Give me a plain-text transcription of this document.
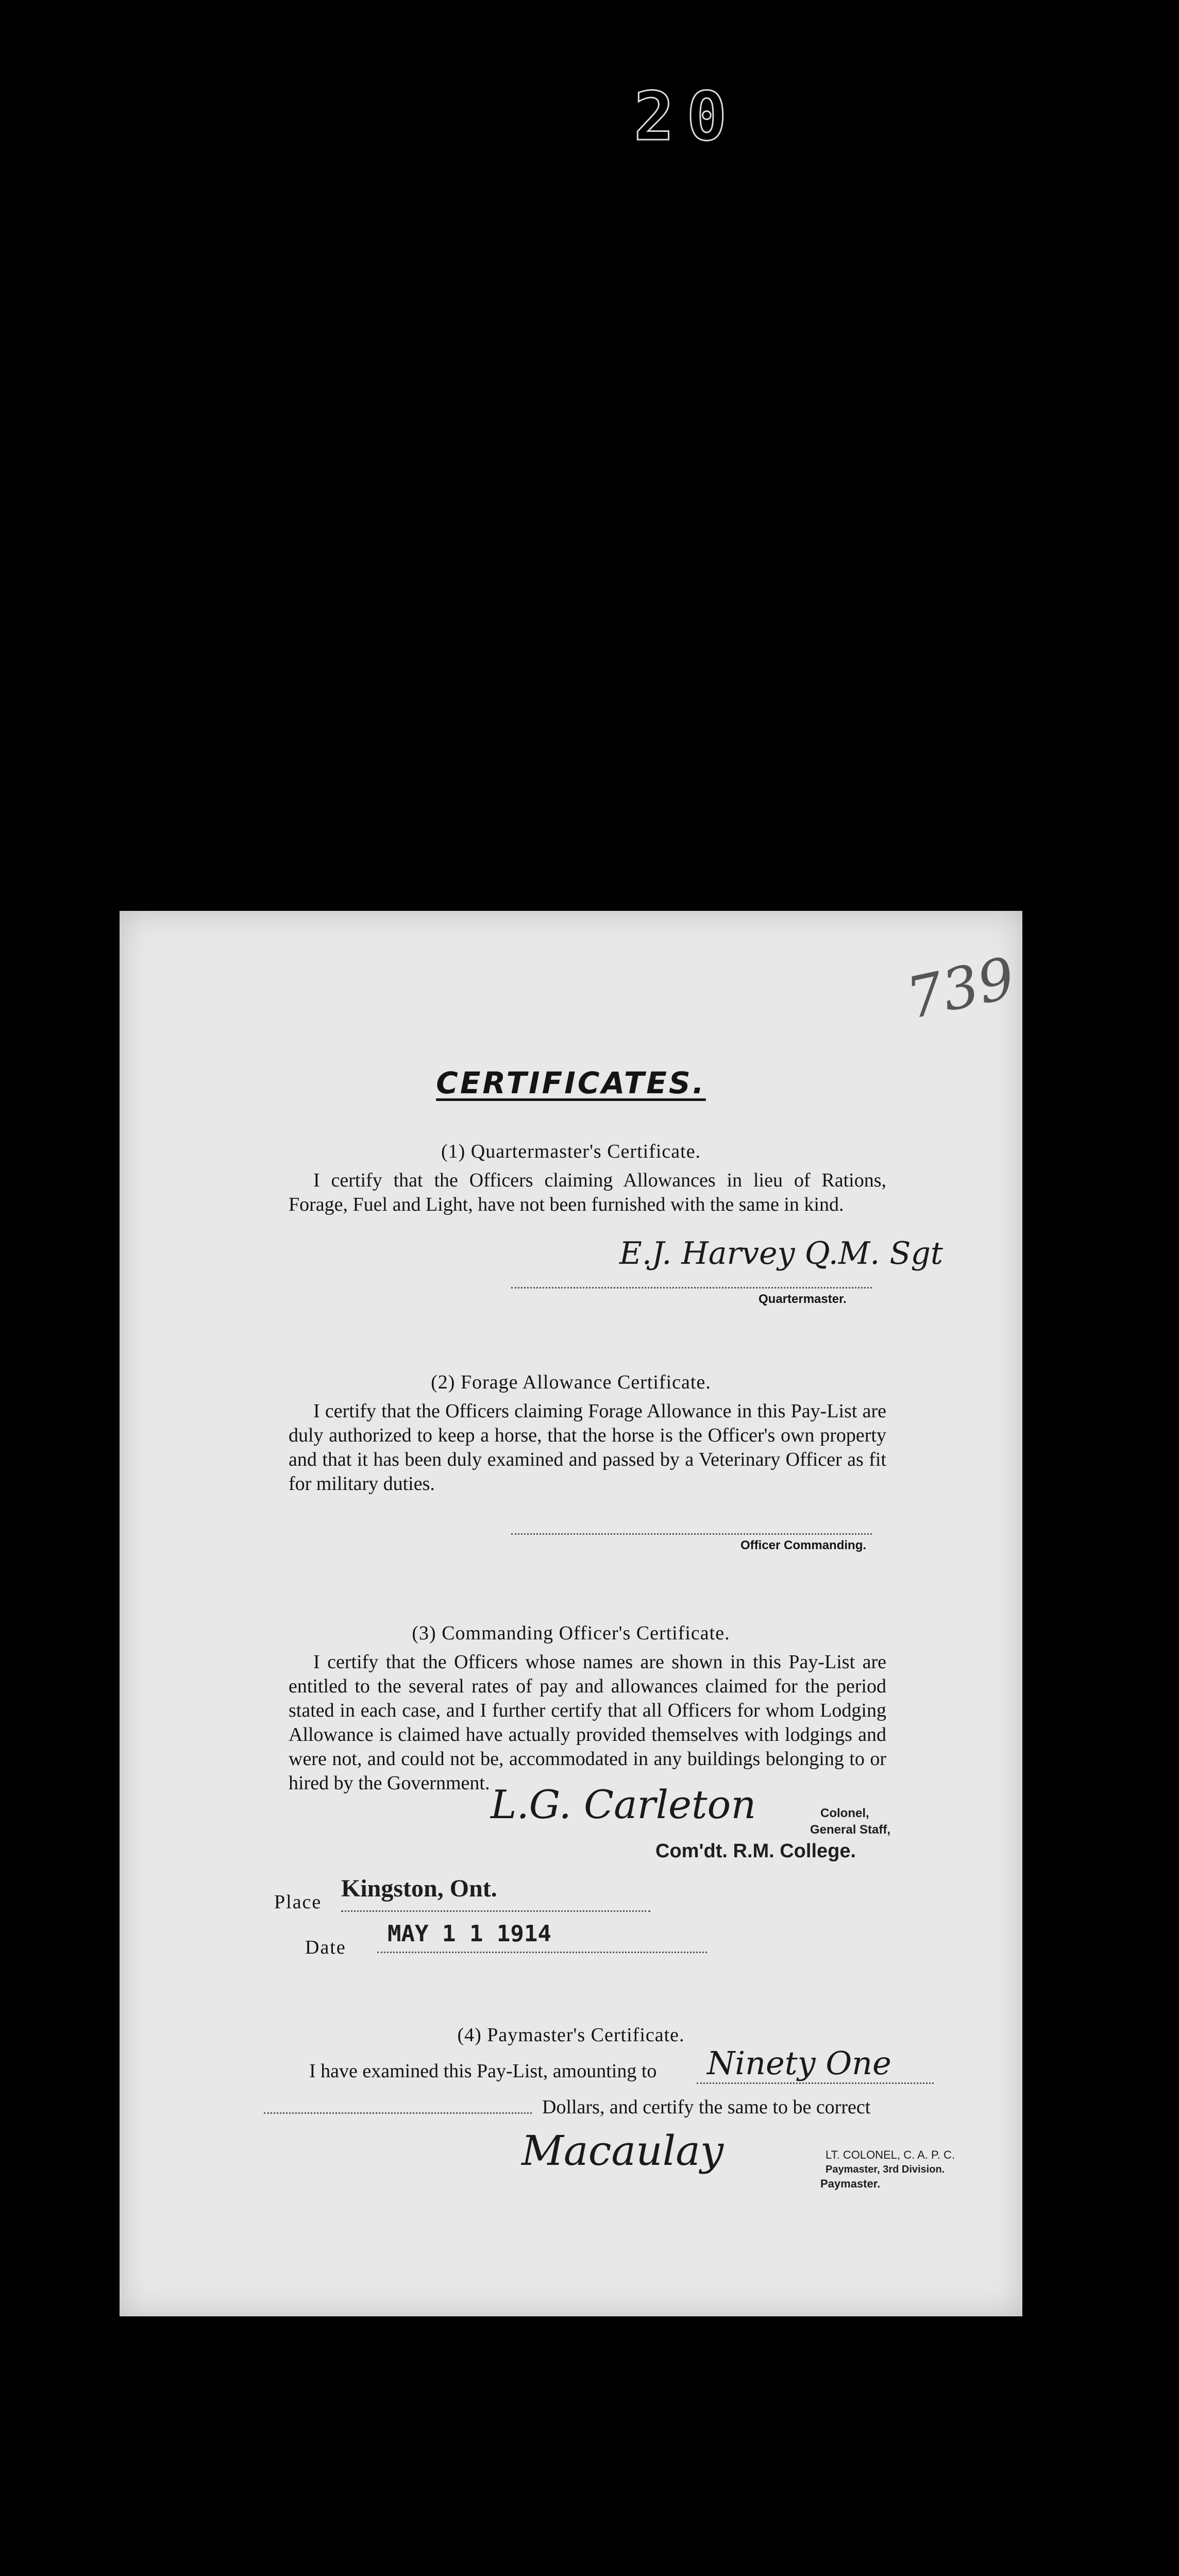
20
739
CERTIFICATES.
(1) Quartermaster's Certificate.
I certify that the Officers claiming Allowances in lieu of Rations, Forage, Fuel and Light, have not been furnished with the same in kind.
E.J. Harvey Q.M. Sgt
Quartermaster.
(2) Forage Allowance Certificate.
I certify that the Officers claiming Forage Allowance in this Pay-List are duly authorized to keep a horse, that the horse is the Officer's own property and that it has been duly examined and passed by a Veterinary Officer as fit for military duties.
Officer Commanding.
(3) Commanding Officer's Certificate.
I certify that the Officers whose names are shown in this Pay-List are entitled to the several rates of pay and allowances claimed for the period stated in each case, and I further certify that all Officers for whom Lodging Allowance is claimed have actually provided themselves with lodgings and were not, and could not be, accommodated in any buildings belonging to or hired by the Government. L.G. Carleton	Colonel,
General Staff,
Com'dt. R.M. College.
Place Kingston, Ont.
Date
MAY 1 1 1914
(4) Paymaster's Certificate.
I have examined this Pay-List, amounting to Ninety One
Dollars, and certify the same to be correct
Macaulay	LT. COLONEL, C. A. P. C.
Paymaster, 3rd Division.
Paymaster.
